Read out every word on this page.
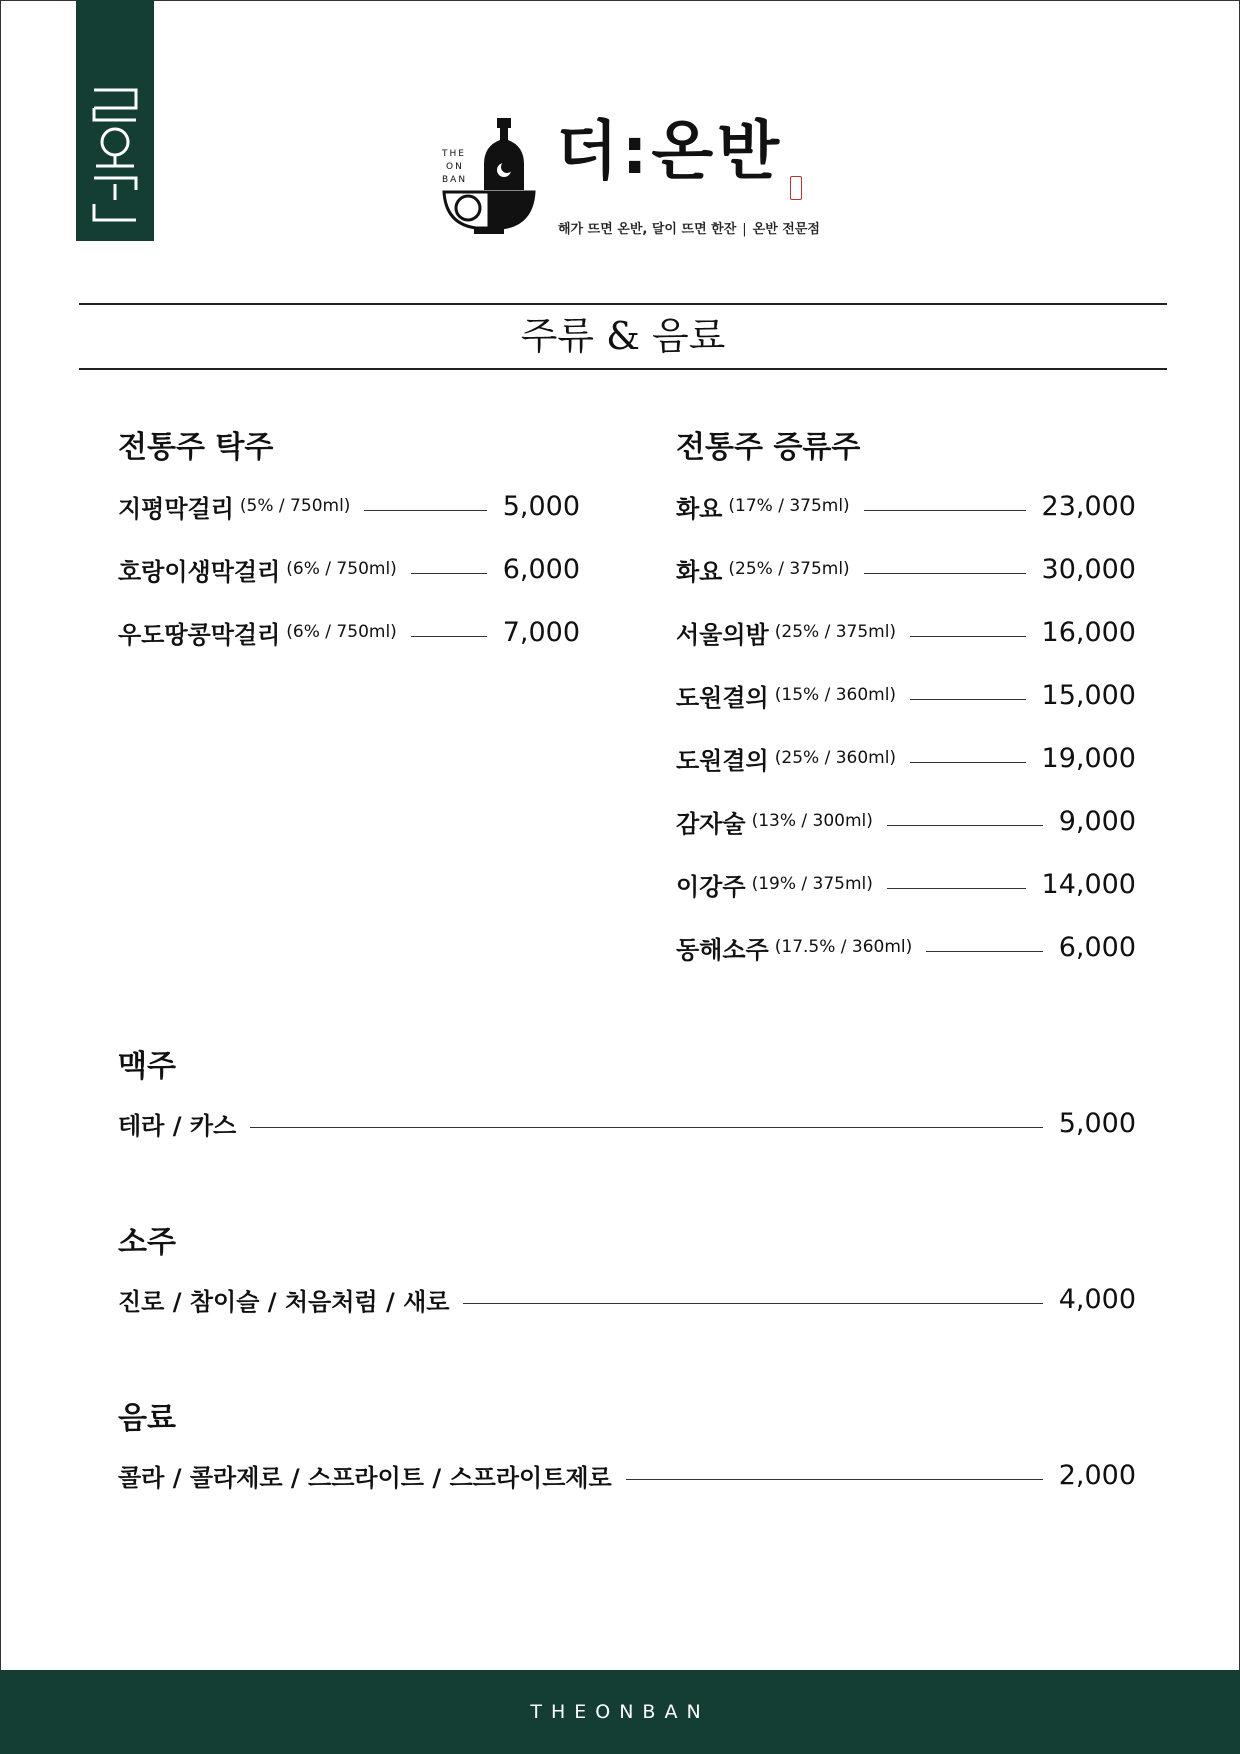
THE
ON
BAN 더:온반
해가 뜨면 온반, 달이 뜨면 한잔 | 온반 전문점
주류 & 음료
전통주 탁주
지평막걸리 (5% / 750ml)	5,000
호랑이생막걸리 (6% / 750ml)	6,000
우도땅콩막걸리 (6% / 750ml)	7,000
전통주 증류주
화요 (17% / 375ml)	23,000
화요 (25% / 375ml)	30,000
서울의밤 (25% / 375ml)	16,000
도원결의 (15% / 360ml)	15,000
도원결의 (25% / 360ml)	19,000
감자술 (13% / 300ml)	9,000
이강주 (19% / 375ml)	14,000
동해소주 (17.5% / 360ml)	6,000
맥주
테라 / 카스	5,000
소주
진로 / 참이슬 / 처음처럼 / 새로	4,000
음료
콜라 / 콜라제로 / 스프라이트 / 스프라이트제로	2,000
THEONBAN
